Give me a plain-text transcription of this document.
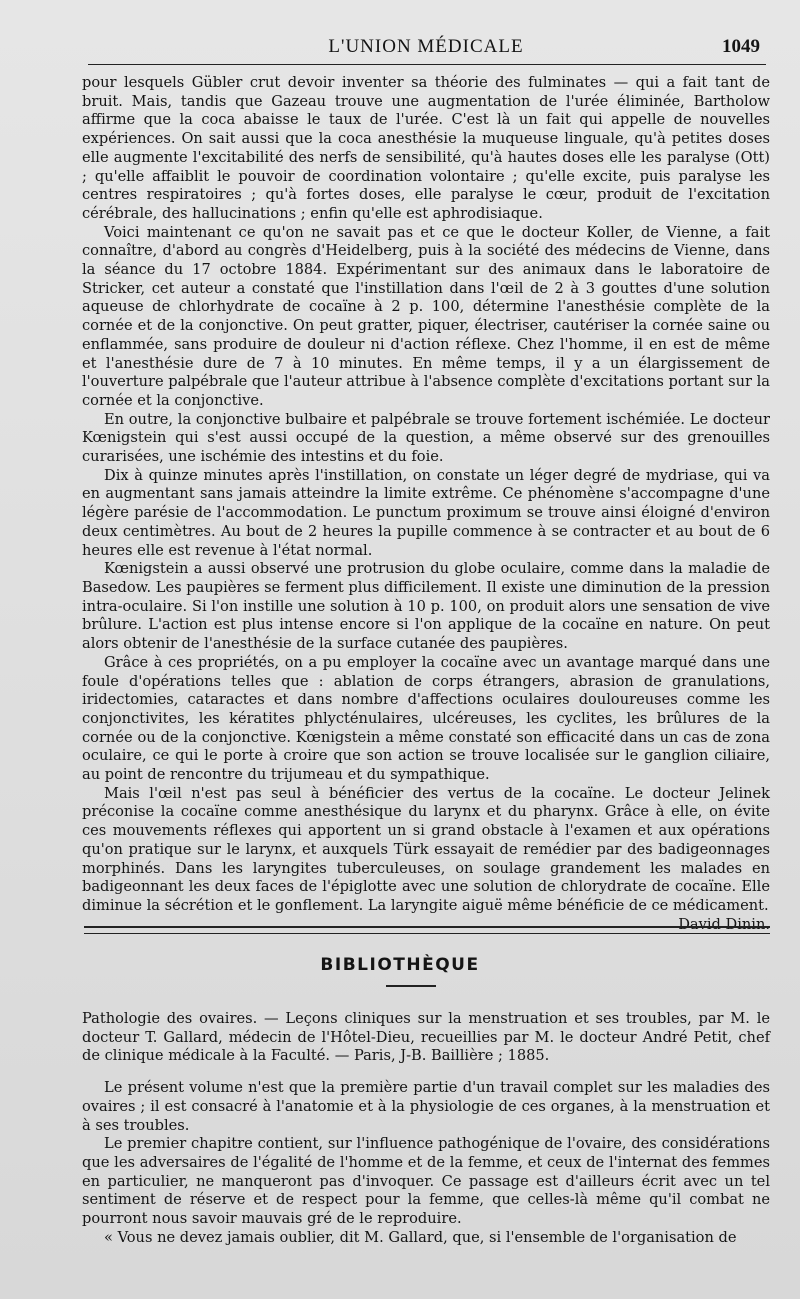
L'UNION MÉDICALE	1049

pour lesquels Gübler crut devoir inventer sa théorie des fulminates — qui a fait tant de bruit. Mais, tandis que Gazeau trouve une augmentation de l'urée éliminée, Bartholow affirme que la coca abaisse le taux de l'urée. C'est là un fait qui appelle de nouvelles expériences. On sait aussi que la coca anesthésie la muqueuse linguale, qu'à petites doses elle augmente l'excitabilité des nerfs de sensibilité, qu'à hautes doses elle les paralyse (Ott) ; qu'elle affaiblit le pouvoir de coordination volontaire ; qu'elle excite, puis paralyse les centres respiratoires ; qu'à fortes doses, elle paralyse le cœur, produit de l'excitation cérébrale, des hallucinations ; enfin qu'elle est aphrodisiaque.

Voici maintenant ce qu'on ne savait pas et ce que le docteur Koller, de Vienne, a fait connaître, d'abord au congrès d'Heidelberg, puis à la société des médecins de Vienne, dans la séance du 17 octobre 1884. Expérimentant sur des animaux dans le laboratoire de Stricker, cet auteur a constaté que l'instillation dans l'œil de 2 à 3 gouttes d'une solution aqueuse de chlorhydrate de cocaïne à 2 p. 100, détermine l'anesthésie complète de la cornée et de la conjonctive. On peut gratter, piquer, électriser, cautériser la cornée saine ou enflammée, sans produire de douleur ni d'action réflexe. Chez l'homme, il en est de même et l'anesthésie dure de 7 à 10 minutes. En même temps, il y a un élargissement de l'ouverture palpébrale que l'auteur attribue à l'absence complète d'excitations portant sur la cornée et la conjonctive.

En outre, la conjonctive bulbaire et palpébrale se trouve fortement ischémiée. Le docteur Kœnigstein qui s'est aussi occupé de la question, a même observé sur des grenouilles curarisées, une ischémie des intestins et du foie.

Dix à quinze minutes après l'instillation, on constate un léger degré de mydriase, qui va en augmentant sans jamais atteindre la limite extrême. Ce phénomène s'accompagne d'une légère parésie de l'accommodation. Le punctum proximum se trouve ainsi éloigné d'environ deux centimètres. Au bout de 2 heures la pupille commence à se contracter et au bout de 6 heures elle est revenue à l'état normal.

Kœnigstein a aussi observé une protrusion du globe oculaire, comme dans la maladie de Basedow. Les paupières se ferment plus difficilement. Il existe une diminution de la pression intra-oculaire. Si l'on instille une solution à 10 p. 100, on produit alors une sensation de vive brûlure. L'action est plus intense encore si l'on applique de la cocaïne en nature. On peut alors obtenir de l'anesthésie de la surface cutanée des paupières.

Grâce à ces propriétés, on a pu employer la cocaïne avec un avantage marqué dans une foule d'opérations telles que : ablation de corps étrangers, abrasion de granulations, iridectomies, cataractes et dans nombre d'affections oculaires douloureuses comme les conjonctivites, les kératites phlycténulaires, ulcéreuses, les cyclites, les brûlures de la cornée ou de la conjonctive. Kœnigstein a même constaté son efficacité dans un cas de zona oculaire, ce qui le porte à croire que son action se trouve localisée sur le ganglion ciliaire, au point de rencontre du trijumeau et du sympathique.

Mais l'œil n'est pas seul à bénéficier des vertus de la cocaïne. Le docteur Jelinek préconise la cocaïne comme anesthésique du larynx et du pharynx. Grâce à elle, on évite ces mouvements réflexes qui apportent un si grand obstacle à l'examen et aux opérations qu'on pratique sur le larynx, et auxquels Türk essayait de remédier par des badigeonnages morphinés. Dans les laryngites tuberculeuses, on soulage grandement les malades en badigeonnant les deux faces de l'épiglotte avec une solution de chlorydrate de cocaïne. Elle diminue la sécrétion et le gonflement. La laryngite aiguë même bénéficie de ce médicament.

David Dinin.

BIBLIOTHÈQUE

Pathologie des ovaires. — Leçons cliniques sur la menstruation et ses troubles, par M. le docteur T. Gallard, médecin de l'Hôtel-Dieu, recueillies par M. le docteur André Petit, chef de clinique médicale à la Faculté. — Paris, J-B. Baillière ; 1885.

Le présent volume n'est que la première partie d'un travail complet sur les maladies des ovaires ; il est consacré à l'anatomie et à la physiologie de ces organes, à la menstruation et à ses troubles.

Le premier chapitre contient, sur l'influence pathogénique de l'ovaire, des considérations que les adversaires de l'égalité de l'homme et de la femme, et ceux de l'internat des femmes en particulier, ne manqueront pas d'invoquer. Ce passage est d'ailleurs écrit avec un tel sentiment de réserve et de respect pour la femme, que celles-là même qu'il combat ne pourront nous savoir mauvais gré de le reproduire.

« Vous ne devez jamais oublier, dit M. Gallard, que, si l'ensemble de l'organisation de
